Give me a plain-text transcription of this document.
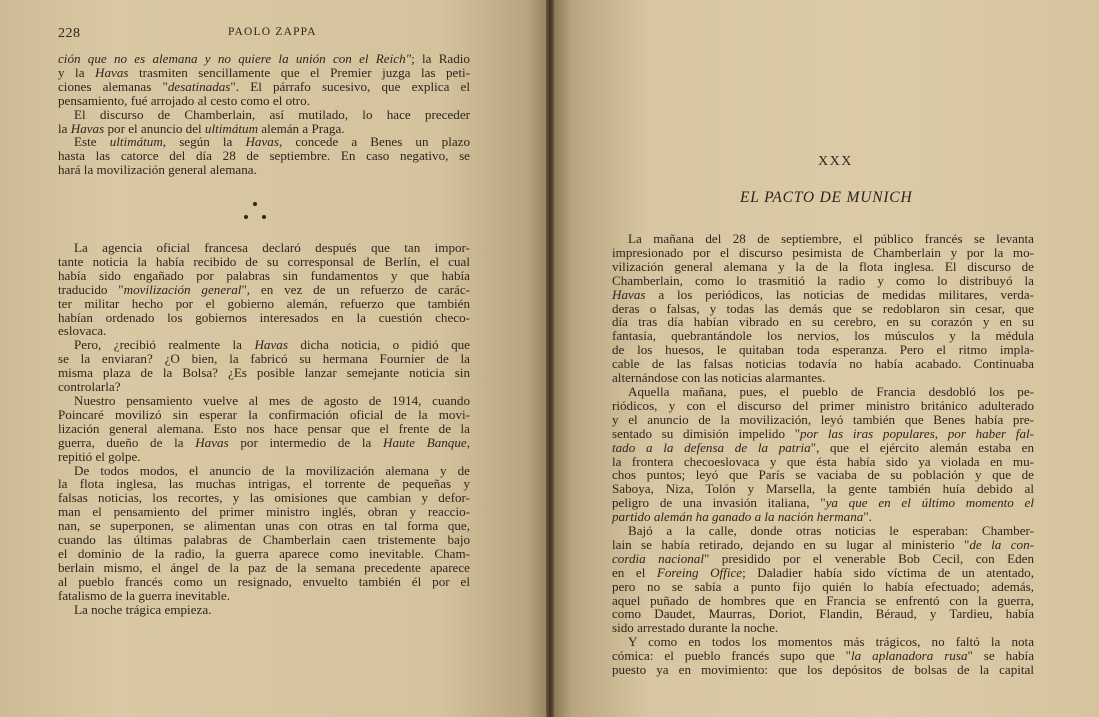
228	PAOLO ZAPPA
ción que no es alemana y no quiere la unión con el Reich"; la Radio
y la Havas trasmiten sencillamente que el Premier juzga las peti-
ciones alemanas "desatinadas". El párrafo sucesivo, que explica el
pensamiento, fué arrojado al cesto como el otro.
El discurso de Chamberlain, así mutilado, lo hace preceder
la Havas por el anuncio del ultimátum alemán a Praga.
Este ultimátum, según la Havas, concede a Benes un plazo
hasta las catorce del día 28 de septiembre. En caso negativo, se
hará la movilización general alemana.
La agencia oficial francesa declaró después que tan impor-
tante noticia la había recibido de su corresponsal de Berlín, el cual
había sido engañado por palabras sin fundamentos y que había
traducido "movilización general", en vez de un refuerzo de carác-
ter militar hecho por el gobierno alemán, refuerzo que también
habían ordenado los gobiernos interesados en la cuestión checo-
eslovaca.
Pero, ¿recibió realmente la Havas dicha noticia, o pidió que
se la enviaran? ¿O bien, la fabricó su hermana Fournier de la
misma plaza de la Bolsa? ¿Es posible lanzar semejante noticia sin
controlarla?
Nuestro pensamiento vuelve al mes de agosto de 1914, cuando
Poincaré movilizó sin esperar la confirmación oficial de la movi-
lización general alemana. Esto nos hace pensar que el frente de la
guerra, dueño de la Havas por intermedio de la Haute Banque,
repitió el golpe.
De todos modos, el anuncio de la movilización alemana y de
la flota inglesa, las muchas intrigas, el torrente de pequeñas y
falsas noticias, los recortes, y las omisiones que cambian y defor-
man el pensamiento del primer ministro inglés, obran y reaccio-
nan, se superponen, se alimentan unas con otras en tal forma que,
cuando las últimas palabras de Chamberlain caen tristemente bajo
el dominio de la radio, la guerra aparece como inevitable. Cham-
berlain mismo, el ángel de la paz de la semana precedente aparece
al pueblo francés como un resignado, envuelto también él por el
fatalismo de la guerra inevitable.
La noche trágica empieza.
XXX
EL PACTO DE MUNICH
La mañana del 28 de septiembre, el público francés se levanta
impresionado por el discurso pesimista de Chamberlain y por la mo-
vilización general alemana y la de la flota inglesa. El discurso de
Chamberlain, como lo trasmitió la radio y como lo distribuyó la
Havas a los periódicos, las noticias de medidas militares, verda-
deras o falsas, y todas las demás que se redoblaron sin cesar, que
día tras día habían vibrado en su cerebro, en su corazón y en su
fantasía, quebrantándole los nervios, los músculos y la médula
de los huesos, le quitaban toda esperanza. Pero el ritmo impla-
cable de las falsas noticias todavía no había acabado. Continuaba
alternándose con las noticias alarmantes.
Aquella mañana, pues, el pueblo de Francia desdobló los pe-
riódicos, y con el discurso del primer ministro británico adulterado
y el anuncio de la movilización, leyó también que Benes había pre-
sentado su dimisión impelido "por las iras populares, por haber fal-
tado a la defensa de la patria", que el ejército alemán estaba en
la frontera checoeslovaca y que ésta había sido ya violada en mu-
chos puntos; leyó que París se vaciaba de su población y que de
Saboya, Niza, Tolón y Marsella, la gente también huía debido al
peligro de una invasión italiana, "ya que en el último momento el
partido alemán ha ganado a la nación hermana".
Bajó a la calle, donde otras noticias le esperaban: Chamber-
lain se había retirado, dejando en su lugar al ministerio "de la con-
cordia nacional" presidido por el venerable Bob Cecil, con Eden
en el Foreing Office; Daladier había sido víctima de un atentado,
pero no se sabía a punto fijo quién lo había efectuado; además,
aquel puñado de hombres que en Francia se enfrentó con la guerra,
como Daudet, Maurras, Doriot, Flandin, Béraud, y Tardieu, había
sido arrestado durante la noche.
Y como en todos los momentos más trágicos, no faltó la nota
cómica: el pueblo francés supo que "la aplanadora rusa" se había
puesto ya en movimiento: que los depósitos de bolsas de la capital
